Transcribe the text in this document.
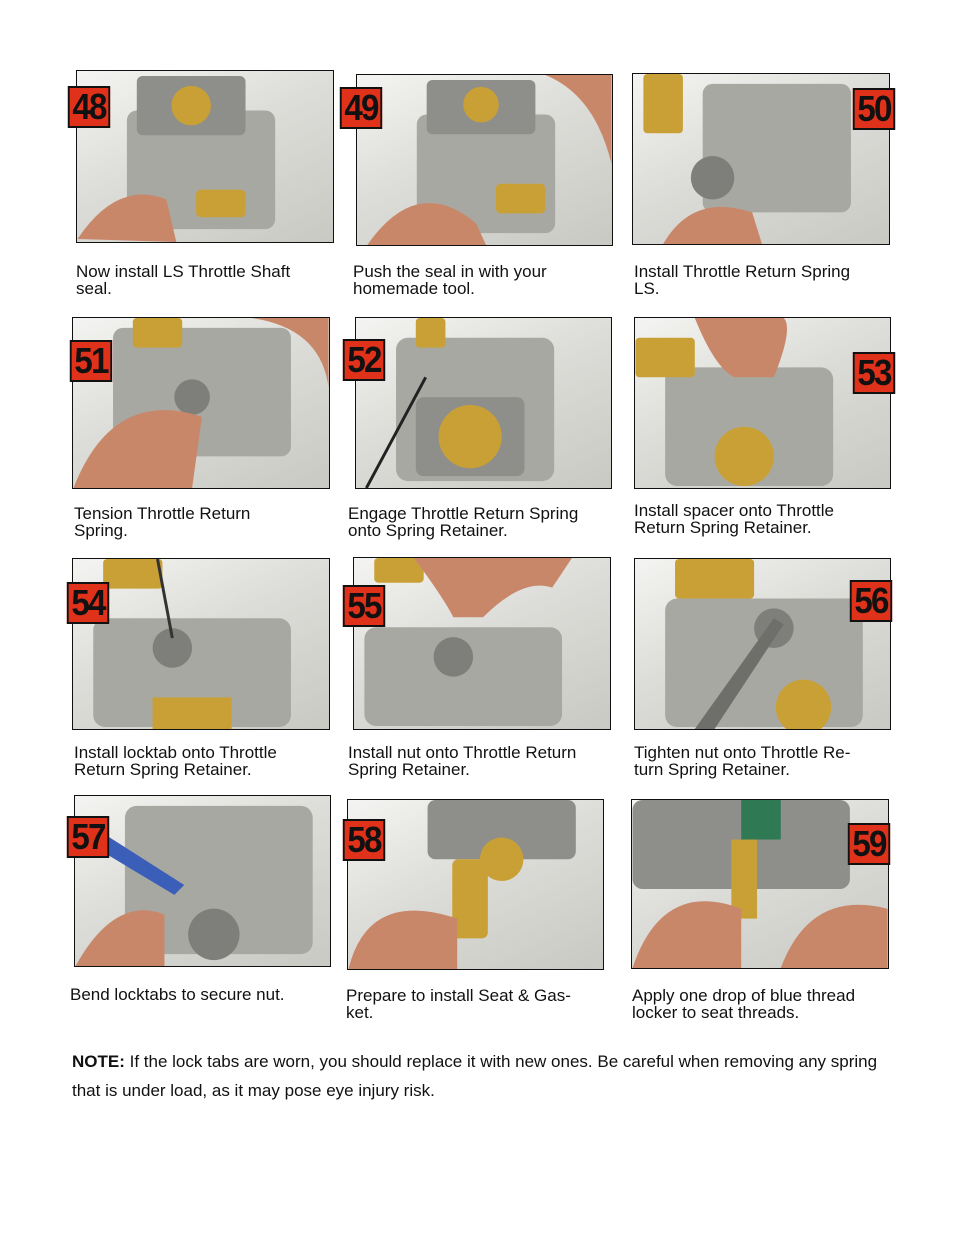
48
Now install LS Throttle Shaft
seal.
49
Push the seal in with your
homemade tool.
50
Install Throttle Return Spring
LS.
51
Tension Throttle Return
Spring.
52
Engage Throttle Return Spring
onto Spring Retainer.
53
Install spacer onto Throttle
Return Spring Retainer.
54
Install locktab onto Throttle
Return Spring Retainer.
55
Install nut onto Throttle Return
Spring Retainer.
56
Tighten nut onto Throttle Re-
turn Spring Retainer.
57
Bend locktabs to secure nut.
58
Prepare to install Seat & Gas-
ket.
59
Apply one drop of blue thread
locker to seat threads.
NOTE: If the lock tabs are worn, you should replace it with new ones. Be careful when removing any spring that is under load, as it may pose eye injury risk.
